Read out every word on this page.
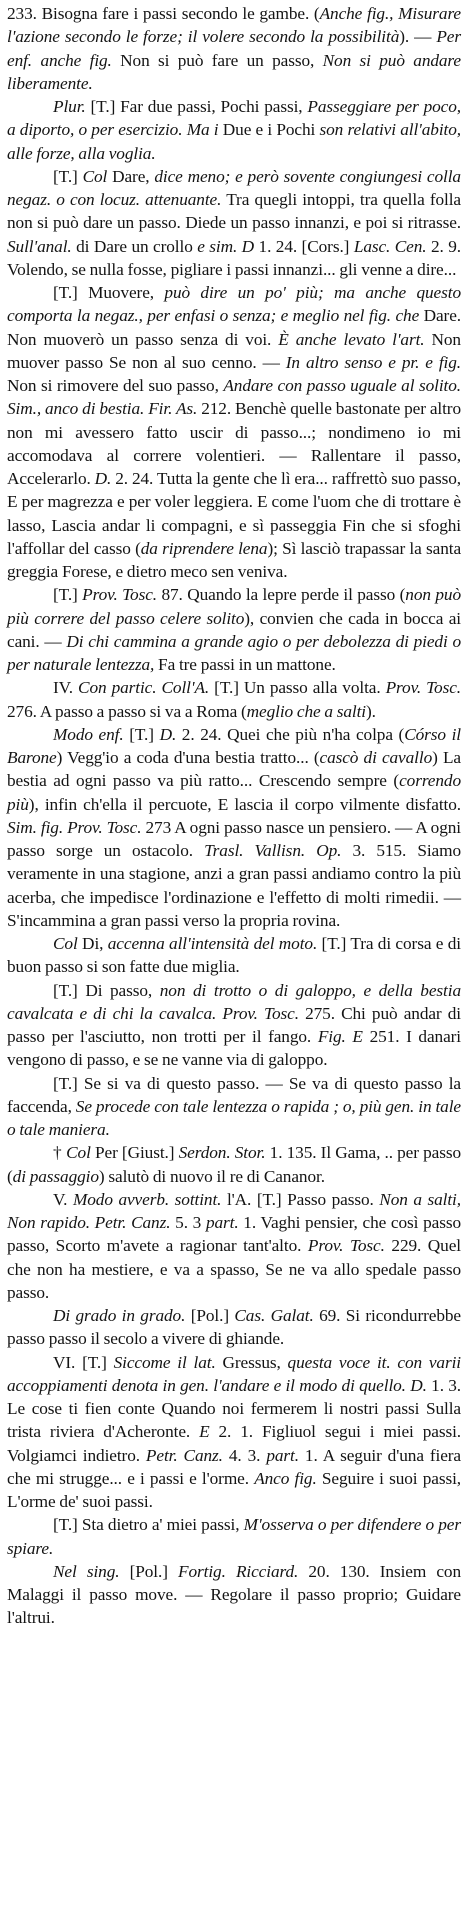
233. Bisogna fare i passi secondo le gambe. (Anche fig., Misurare l'azione secondo le forze; il volere secondo la possibilità). — Per enf. anche fig. Non si può fare un passo, Non si può andare liberamente.

Plur. [T.] Far due passi, Pochi passi, Passeggiare per poco, a diporto, o per esercizio. Ma i Due e i Pochi son relativi all'abito, alle forze, alla voglia.

[T.] Col Dare, dice meno; e però sovente congiungesi colla negaz. o con locuz. attenuante. Tra quegli intoppi, tra quella folla non si può dare un passo. Diede un passo innanzi, e poi si ritrasse. Sull'anal. di Dare un crollo e sim. D 1. 24. [Cors.] Lasc. Cen. 2. 9. Volendo, se nulla fosse, pigliare i passi innanzi... gli venne a dire...

[T.] Muovere, può dire un po' più; ma anche questo comporta la negaz., per enfasi o senza; e meglio nel fig. che Dare. Non muoverò un passo senza di voi. È anche levato l'art. Non muover passo Se non al suo cenno. — In altro senso e pr. e fig. Non si rimovere del suo passo, Andare con passo uguale al solito. Sim., anco di bestia. Fir. As. 212. Benchè quelle bastonate per altro non mi avessero fatto uscir di passo...; nondimeno io mi accomodava al correre volentieri. — Rallentare il passo, Accelerarlo. D. 2. 24. Tutta la gente che lì era... raffrettò suo passo, E per magrezza e per voler leggiera. E come l'uom che di trottare è lasso, Lascia andar li compagni, e sì passeggia Fin che si sfoghi l'affollar del casso (da riprendere lena); Sì lasciò trapassar la santa greggia Forese, e dietro meco sen veniva.

[T.] Prov. Tosc. 87. Quando la lepre perde il passo (non può più correre del passo celere solito), convien che cada in bocca ai cani. — Di chi cammina a grande agio o per debolezza di piedi o per naturale lentezza, Fa tre passi in un mattone.

IV. Con partic. Coll'A. [T.] Un passo alla volta. Prov. Tosc. 276. A passo a passo si va a Roma (meglio che a salti).

Modo enf. [T.] D. 2. 24. Quei che più n'ha colpa (Córso il Barone) Vegg'io a coda d'una bestia tratto... (cascò di cavallo) La bestia ad ogni passo va più ratto... Crescendo sempre (correndo più), infin ch'ella il percuote, E lascia il corpo vilmente disfatto. Sim. fig. Prov. Tosc. 273 A ogni passo nasce un pensiero. — A ogni passo sorge un ostacolo. Trasl. Vallisn. Op. 3. 515. Siamo veramente in una stagione, anzi a gran passi andiamo contro la più acerba, che impedisce l'ordinazione e l'effetto di molti rimedii. — S'incammina a gran passi verso la propria rovina.

Col Di, accenna all'intensità del moto. [T.] Tra di corsa e di buon passo si son fatte due miglia.

[T.] Di passo, non di trotto o di galoppo, e della bestia cavalcata e di chi la cavalca. Prov. Tosc. 275. Chi può andar di passo per l'asciutto, non trotti per il fango. Fig. E 251. I danari vengono di passo, e se ne vanne via di galoppo.

[T.] Se si va di questo passo. — Se va di questo passo la faccenda, Se procede con tale lentezza o rapida ; o, più gen. in tale o tale maniera.

† Col Per [Giust.] Serdon. Stor. 1. 135. Il Gama, .. per passo (di passaggio) salutò di nuovo il re di Cananor.

V. Modo avverb. sottint. l'A. [T.] Passo passo. Non a salti, Non rapido. Petr. Canz. 5. 3 part. 1. Vaghi pensier, che così passo passo, Scorto m'avete a ragionar tant'alto. Prov. Tosc. 229. Quel che non ha mestiere, e va a spasso, Se ne va allo spedale passo passo.

Di grado in grado. [Pol.] Cas. Galat. 69. Si ricondurrebbe passo passo il secolo a vivere di ghiande.

VI. [T.] Siccome il lat. Gressus, questa voce it. con varii accoppiamenti denota in gen. l'andare e il modo di quello. D. 1. 3. Le cose ti fien conte Quando noi fermerem li nostri passi Sulla trista riviera d'Acheronte. E 2. 1. Figliuol segui i miei passi. Volgiamci indietro. Petr. Canz. 4. 3. part. 1. A seguir d'una fiera che mi strugge... e i passi e l'orme. Anco fig. Seguire i suoi passi, L'orme de' suoi passi.

[T.] Sta dietro a' miei passi, M'osserva o per difendere o per spiare.

Nel sing. [Pol.] Fortig. Ricciard. 20. 130. Insiem con Malaggi il passo move. — Regolare il passo proprio; Guidare l'altrui.
